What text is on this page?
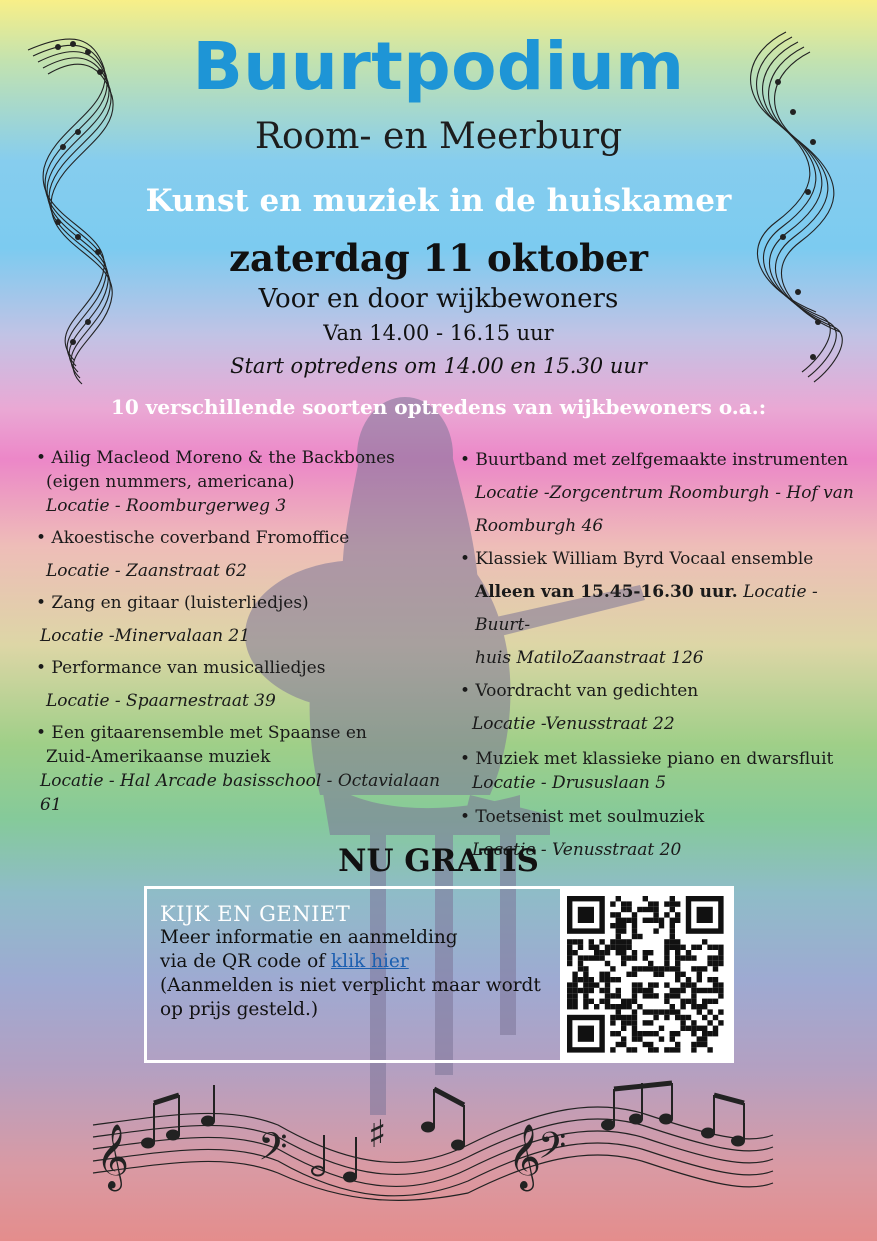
Buurtpodium
Room- en Meerburg
Kunst en muziek in de huiskamer
zaterdag 11 oktober
Voor en door wijkbewoners
Van 14.00 - 16.15 uur
Start optredens om 14.00 en 15.30 uur
10 verschillende soorten optredens van wijkbewoners o.a.:
• Ailig Macleod Moreno & the Backbones
(eigen nummers, americana)
Locatie - Roomburgerweg 3
• Akoestische coverband Fromoffice
Locatie - Zaanstraat 62
• Zang en gitaar (luisterliedjes)
Locatie -Minervalaan 21
• Performance van musicalliedjes
Locatie - Spaarnestraat 39
• Een gitaarensemble met Spaanse en
Zuid-Amerikaanse muziek
Locatie - Hal Arcade basisschool - Octavialaan 61
• Buurtband met zelfgemaakte instrumenten
Locatie -Zorgcentrum Roomburgh - Hof van
Roomburgh 46
• Klassiek William Byrd Vocaal ensemble
Alleen van 15.45-16.30 uur. Locatie - Buurt-
huis MatiloZaanstraat 126
• Voordracht van gedichten
Locatie -Venusstraat 22
• Muziek met klassieke piano en dwarsfluit
Locatie - Drususlaan 5
• Toetsenist met soulmuziek
Locatie - Venusstraat 20
NU GRATIS
KIJK EN GENIET
Meer informatie en aanmelding
via de QR code of klik hier
(Aanmelden is niet verplicht maar wordt
op prijs gesteld.)
𝄞	𝄢 ♯ 𝄞
𝄢
